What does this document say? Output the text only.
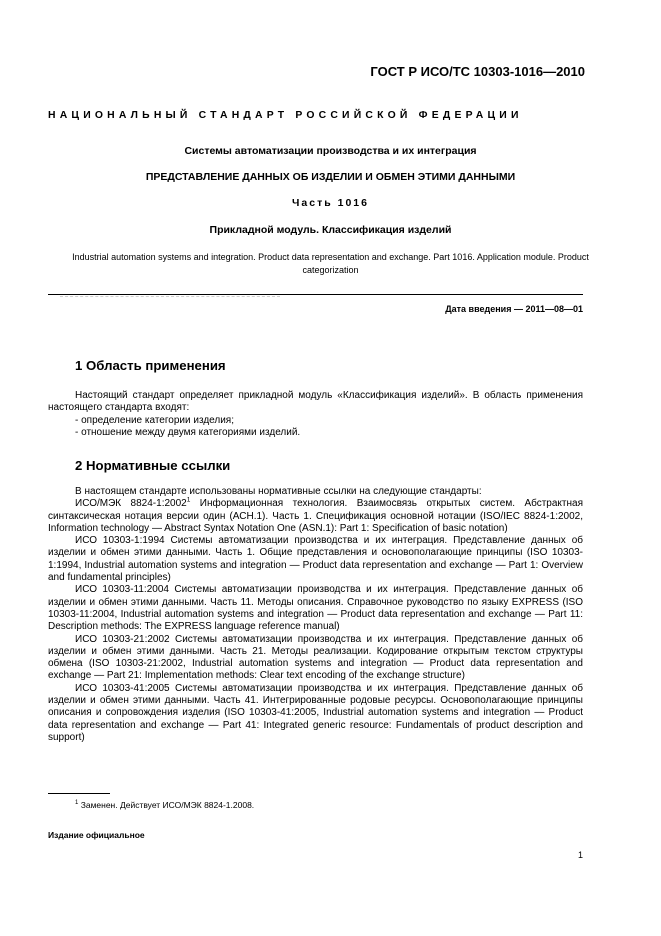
ГОСТ Р ИСО/ТС 10303-1016—2010
НАЦИОНАЛЬНЫЙ СТАНДАРТ РОССИЙСКОЙ ФЕДЕРАЦИИ
Системы автоматизации производства и их интеграция
ПРЕДСТАВЛЕНИЕ ДАННЫХ ОБ ИЗДЕЛИИ И ОБМЕН ЭТИМИ ДАННЫМИ
Часть 1016
Прикладной модуль. Классификация изделий
Industrial automation systems and integration. Product data representation and exchange. Part 1016. Application module. Product categorization
Дата введения — 2011—08—01
1 Область применения

Настоящий стандарт определяет прикладной модуль «Классификация изделий». В область применения настоящего стандарта входят:

- определение категории изделия;

- отношение между двумя категориями изделий.

2 Нормативные ссылки

В настоящем стандарте использованы нормативные ссылки на следующие стандарты:

ИСО/МЭК 8824-1:2002$^1$ Информационная технология. Взаимосвязь открытых систем. Абстрактная синтаксическая нотация версии один (АСН.1). Часть 1. Спецификация основной нотации (ISO/IEC 8824-1:2002, Information technology — Abstract Syntax Notation One (ASN.1): Part 1: Specification of basic notation)

ИСО 10303-1:1994 Системы автоматизации производства и их интеграция. Представление данных об изделии и обмен этими данными. Часть 1. Общие представления и основополагающие принципы (ISO 10303-1:1994, Industrial automation systems and integration — Product data representation and exchange — Part 1: Overview and fundamental principles)

ИСО 10303-11:2004 Системы автоматизации производства и их интеграция. Представление данных об изделии и обмен этими данными. Часть 11. Методы описания. Справочное руководство по языку EXPRESS (ISO 10303-11:2004, Industrial automation systems and integration — Product data representation and exchange — Part 11: Description methods: The EXPRESS language reference manual)

ИСО 10303-21:2002 Системы автоматизации производства и их интеграция. Представление данных об изделии и обмен этими данными. Часть 21. Методы реализации. Кодирование открытым текстом структуры обмена (ISO 10303-21:2002, Industrial automation systems and integration — Product data representation and exchange — Part 21: Implementation methods: Clear text encoding of the exchange structure)

ИСО 10303-41:2005 Системы автоматизации производства и их интеграция. Представление данных об изделии и обмен этими данными. Часть 41. Интегрированные родовые ресурсы. Основополагающие принципы описания и сопровождения изделия (ISO 10303-41:2005, Industrial automation systems and integration — Product data representation and exchange — Part 41: Integrated generic resource: Fundamentals of product description and support)

$^1$ Заменен. Действует ИСО/МЭК 8824-1.2008.
Издание официальное
1
